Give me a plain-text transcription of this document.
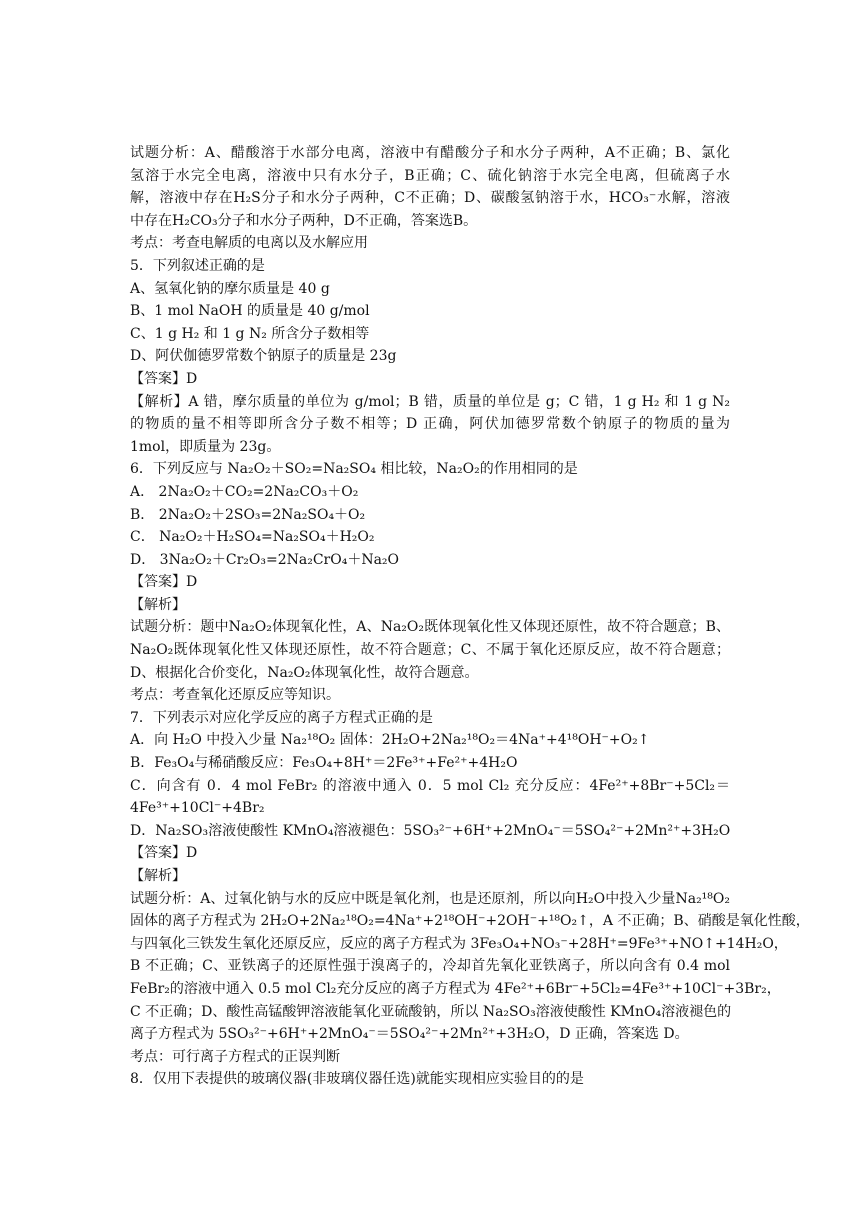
试题分析：A、醋酸溶于水部分电离，溶液中有醋酸分子和水分子两种，A不正确；B、氯化
氢溶于水完全电离，溶液中只有水分子，B正确；C、硫化钠溶于水完全电离，但硫离子水
解，溶液中存在H₂S分子和水分子两种，C不正确；D、碳酸氢钠溶于水，HCO₃⁻水解，溶液
中存在H₂CO₃分子和水分子两种，D不正确，答案选B。
考点：考查电解质的电离以及水解应用
5．下列叙述正确的是
A、氢氧化钠的摩尔质量是 40 g
B、1 mol NaOH 的质量是 40 g/mol
C、1 g H₂ 和 1 g N₂ 所含分子数相等
D、阿伏伽德罗常数个钠原子的质量是 23g
【答案】D
【解析】A 错，摩尔质量的单位为 g/mol；B 错，质量的单位是 g；C 错，1 g H₂ 和 1 g N₂
的物质的量不相等即所含分子数不相等；D 正确，阿伏加德罗常数个钠原子的物质的量为
1mol，即质量为 23g。
6．下列反应与 Na₂O₂＋SO₂=Na₂SO₄ 相比较，Na₂O₂的作用相同的是
A． 2Na₂O₂＋CO₂=2Na₂CO₃＋O₂
B． 2Na₂O₂＋2SO₃=2Na₂SO₄＋O₂
C． Na₂O₂＋H₂SO₄=Na₂SO₄＋H₂O₂
D． 3Na₂O₂＋Cr₂O₃=2Na₂CrO₄＋Na₂O
【答案】D
【解析】
试题分析：题中Na₂O₂体现氧化性，A、Na₂O₂既体现氧化性又体现还原性，故不符合题意；B、
Na₂O₂既体现氧化性又体现还原性，故不符合题意；C、不属于氧化还原反应，故不符合题意；
D、根据化合价变化，Na₂O₂体现氧化性，故符合题意。
考点：考查氧化还原反应等知识。
7．下列表示对应化学反应的离子方程式正确的是
A．向 H₂O 中投入少量 Na₂¹⁸O₂ 固体：2H₂O+2Na₂¹⁸O₂＝4Na⁺+4¹⁸OH⁻+O₂↑
B．Fe₃O₄与稀硝酸反应：Fe₃O₄+8H⁺＝2Fe³⁺+Fe²⁺+4H₂O
C．向含有 0．4 mol FeBr₂ 的溶液中通入 0．5 mol Cl₂ 充分反应：4Fe²⁺+8Br⁻+5Cl₂＝
4Fe³⁺+10Cl⁻+4Br₂
D．Na₂SO₃溶液使酸性 KMnO₄溶液褪色：5SO₃²⁻+6H⁺+2MnO₄⁻＝5SO₄²⁻+2Mn²⁺+3H₂O
【答案】D
【解析】
试题分析：A、过氧化钠与水的反应中既是氧化剂，也是还原剂，所以向H₂O中投入少量Na₂¹⁸O₂
固体的离子方程式为 2H₂O+2Na₂¹⁸O₂=4Na⁺+2¹⁸OH⁻+2OH⁻+¹⁸O₂↑，A 不正确；B、硝酸是氧化性酸，
与四氧化三铁发生氧化还原反应，反应的离子方程式为 3Fe₃O₄+NO₃⁻+28H⁺=9Fe³⁺+NO↑+14H₂O，
B 不正确；C、亚铁离子的还原性强于溴离子的，冷却首先氧化亚铁离子，所以向含有 0.4 mol
FeBr₂的溶液中通入 0.5 mol Cl₂充分反应的离子方程式为 4Fe²⁺+6Br⁻+5Cl₂=4Fe³⁺+10Cl⁻+3Br₂，
C 不正确；D、酸性高锰酸钾溶液能氧化亚硫酸钠，所以 Na₂SO₃溶液使酸性 KMnO₄溶液褪色的
离子方程式为 5SO₃²⁻+6H⁺+2MnO₄⁻＝5SO₄²⁻+2Mn²⁺+3H₂O，D 正确，答案选 D。
考点：可行离子方程式的正误判断
8．仅用下表提供的玻璃仪器(非玻璃仪器任选)就能实现相应实验目的的是
